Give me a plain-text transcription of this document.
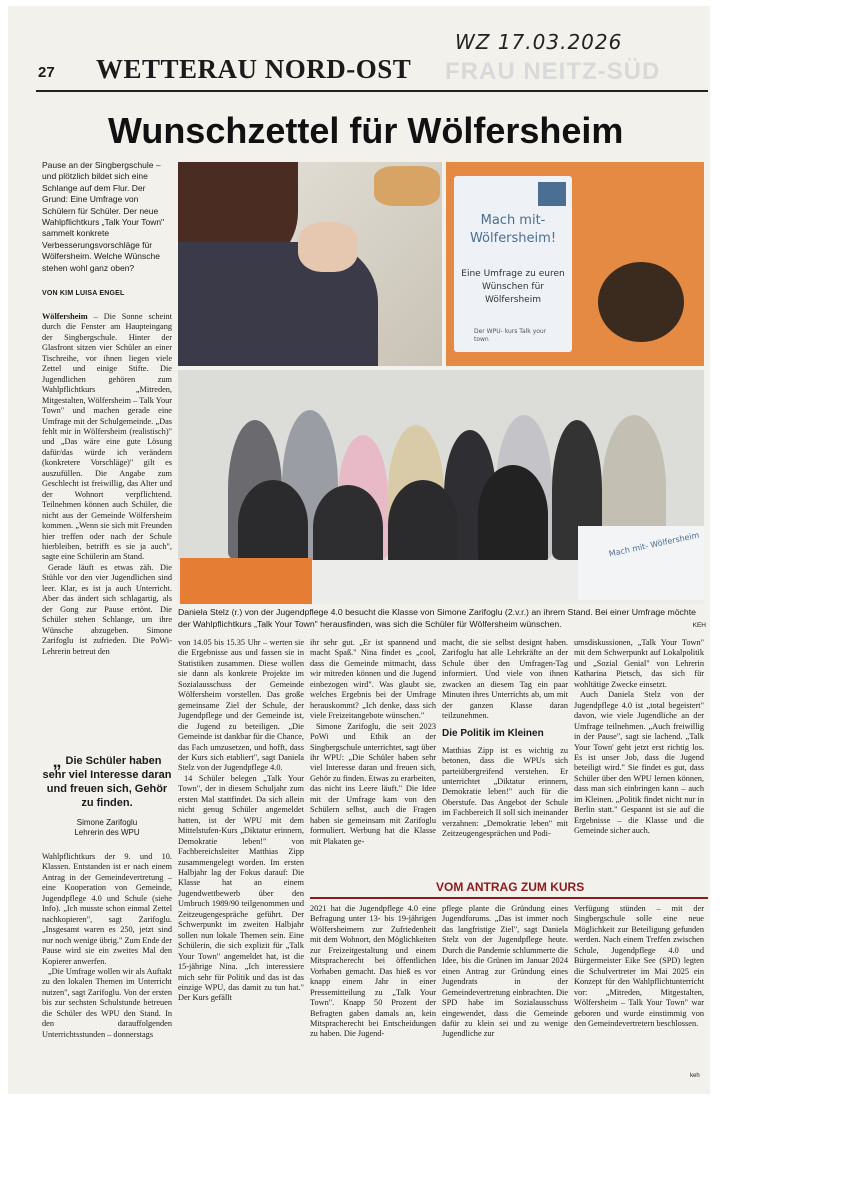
WZ 17.03.2026
27 WETTERAU NORD-OST FRAU NEITZ-SÜD
Wunschzettel für Wölfersheim

Pause an der Singbergschule – und plötzlich bildet sich eine Schlange auf dem Flur. Der Grund: Eine Umfrage von Schülern für Schüler. Der neue Wahlpflichtkurs „Talk Your Town" sammelt konkrete Verbesserungsvorschläge für Wölfersheim. Welche Wünsche stehen wohl ganz oben?

VON KIM LUISA ENGEL
Mach mit- Wölfersheim!
Eine Umfrage zu euren Wünschen für Wölfersheim
Der WPU- kurs Talk your town
Mach mit- Wölfersheim

Daniela Stelz (r.) von der Jugendpflege 4.0 besucht die Klasse von Simone Zarifoglu (2.v.r.) an ihrem Stand. Bei einer Umfrage möchte der Wahlpflichtkurs „Talk Your Town" herausfinden, was sich die Schüler für Wölfersheim wünschen.	KEH

Wölfersheim – Die Sonne scheint durch die Fenster am Haupteingang der Singbergschule. Hinter der Glasfront sitzen vier Schüler an einer Tischreihe, vor ihnen liegen viele Zettel und einige Stifte. Die Jugendlichen gehören zum Wahlpflichtkurs „Mitreden, Mitgestalten, Wölfersheim – Talk Your Town" und machen gerade eine Umfrage mit der Schulgemeinde. „Das fehlt mir in Wölfersheim (realistisch)" und „Das wäre eine gute Lösung dafür/das würde ich verändern (konkretere Vorschläge)" gilt es auszufüllen. Die Angabe zum Geschlecht ist freiwillig, das Alter und der Wohnort verpflichtend. Teilnehmen können auch Schüler, die nicht aus der Gemeinde Wölfersheim kommen. „Wenn sie sich mit Freunden hier treffen oder nach der Schule hierbleiben, betrifft es sie ja auch", sagte eine Schülerin am Stand.

Gerade läuft es etwas zäh. Die Stühle vor den vier Jugendlichen sind leer. Klar, es ist ja auch Unterricht. Aber das ändert sich schlagartig, als der Gong zur Pause ertönt. Die Schüler stehen Schlange, um ihre Wünsche abzugeben. Simone Zarifoglu ist zufrieden. Die PoWi-Lehrerin betreut den

„ Die Schüler haben sehr viel Interesse daran und freuen sich, Gehör zu finden.
Simone Zarifoglu
Lehrerin des WPU

Wahlpflichtkurs der 9. und 10. Klassen. Entstanden ist er nach einem Antrag in der Gemeindevertretung – eine Kooperation von Gemeinde, Jugendpflege 4.0 und Schule (siehe Info). „Ich musste schon einmal Zettel nachkopieren", sagt Zarifoglu. „Insgesamt waren es 250, jetzt sind nur noch wenige übrig." Zum Ende der Pause wird sie ein zweites Mal den Kopierer anwerfen.

„Die Umfrage wollen wir als Auftakt zu den lokalen Themen im Unterricht nutzen", sagt Zarifoglu. Von der ersten bis zur sechsten Schulstunde betreuen die Schüler des WPU den Stand. In den darauffolgenden Unterrichtsstunden – donnerstags

von 14.05 bis 15.35 Uhr – werten sie die Ergebnisse aus und fassen sie in Statistiken zusammen. Diese wollen sie dann als konkrete Projekte im Sozialausschuss der Gemeinde Wölfersheim vorstellen. Das große gemeinsame Ziel der Schule, der Jugendpflege und der Gemeinde ist, die Jugend zu beteiligen. „Die Gemeinde ist dankbar für die Chance, das Fach umzusetzen, und hofft, dass der Kurs sich etabliert", sagt Daniela Stelz von der Jugendpflege 4.0.

14 Schüler belegen „Talk Your Town", der in diesem Schuljahr zum ersten Mal stattfindet. Da sich allein nicht genug Schüler angemeldet hatten, ist der WPU mit dem Mittelstufen-Kurs „Diktatur erinnern, Demokratie leben!" von Fachbereichsleiter Matthias Zipp zusammengelegt worden. Im ersten Halbjahr lag der Fokus darauf: Die Klasse hat an einem Jugendwettbewerb über den Umbruch 1989/90 teilgenommen und Zeitzeugengespräche geführt. Der Schwerpunkt im zweiten Halbjahr sollen nun lokale Themen sein. Eine Schülerin, die sich explizit für „Talk Your Town" angemeldet hat, ist die 15-jährige Nina. „Ich interessiere mich sehr für Politik und das ist das einzige WPU, das damit zu tun hat." Der Kurs gefällt

ihr sehr gut. „Er ist spannend und macht Spaß." Nina findet es „cool, dass die Gemeinde mitmacht, dass wir mitreden können und die Jugend einbezogen wird". Was glaubt sie, welches Ergebnis bei der Umfrage herauskommt? „Ich denke, dass sich viele Freizeitangebote wünschen."

Simone Zarifoglu, die seit 2023 PoWi und Ethik an der Singbergschule unterrichtet, sagt über ihr WPU: „Die Schüler haben sehr viel Interesse daran und freuen sich, Gehör zu finden. Etwas zu erarbeiten, das nicht ins Leere läuft." Die Idee mit der Umfrage kam von den Schülern selbst, auch die Fragen haben sie gemeinsam mit Zarifoglu formuliert. Werbung hat die Klasse mit Plakaten ge-

macht, die sie selbst designt haben. Zarifoglu hat alle Lehrkräfte an der Schule über den Umfragen-Tag informiert. Und viele von ihnen zwacken an diesem Tag ein paar Minuten ihres Unterrichts ab, um mit der ganzen Klasse daran teilzunehmen.

Die Politik im Kleinen

Matthias Zipp ist es wichtig zu betonen, dass die WPUs sich parteiübergreifend verstehen. Er unterrichtet „Diktatur erinnern, Demokratie leben!" auch für die Oberstufe. Das Angebot der Schule im Fachbereich II soll sich ineinander verzahnen: „Demokratie leben" mit Zeitzeugengesprächen und Podi-

umsdiskussionen, „Talk Your Town" mit dem Schwerpunkt auf Lokalpolitik und „Sozial Genial" von Lehrerin Katharina Pietsch, das sich für wohltätige Zwecke einsetzt.

Auch Daniela Stelz von der Jugendpflege 4.0 ist „total begeistert" davon, wie viele Jugendliche an der Umfrage teilnehmen. „Auch freiwillig in der Pause", sagt sie lachend. „Talk Your Town' geht jetzt erst richtig los. Es ist unser Job, dass die Jugend beteiligt wird." Sie findet es gut, dass Schüler über den WPU lernen können, dass man sich einbringen kann – auch im Kleinen. „Politik findet nicht nur in Berlin statt." Gespannt ist sie auf die Ergebnisse – die Klasse und die Gemeinde sicher auch.

VOM ANTRAG ZUM KURS

2021 hat die Jugendpflege 4.0 eine Befragung unter 13- bis 19-jährigen Wölfersheimern zur Zufriedenheit mit dem Wohnort, den Möglichkeiten zur Freizeitgestaltung und einem Mitspracherecht bei öffentlichen Vorhaben gemacht. Das hieß es vor knapp einem Jahr in einer Pressemitteilung zu „Talk Your Town". Knapp 50 Prozent der Befragten gaben damals an, kein Mitspracherecht bei Entscheidungen zu haben. Die Jugend-

pflege plante die Gründung eines Jugendforums. „Das ist immer noch das langfristige Ziel", sagt Daniela Stelz von der Jugendpflege heute. Durch die Pandemie schlummerte die Idee, bis die Grünen im Januar 2024 einen Antrag zur Gründung eines Jugendrats in der Gemeindevertretung einbrachten. Die SPD habe im Sozialausschuss eingewendet, dass die Gemeinde dafür zu klein sei und zu wenige Jugendliche zur

Verfügung stünden – mit der Singbergschule solle eine neue Möglichkeit zur Beteiligung gefunden werden. Nach einem Treffen zwischen Schule, Jugendpflege 4.0 und Bürgermeister Eike See (SPD) legten die Schulvertreter im Mai 2025 ein Konzept für den Wahlpflichtunterricht vor: „Mitreden, Mitgestalten, Wölfersheim – Talk Your Town" war geboren und wurde einstimmig von den Gemeindevertretern beschlossen.

keh
